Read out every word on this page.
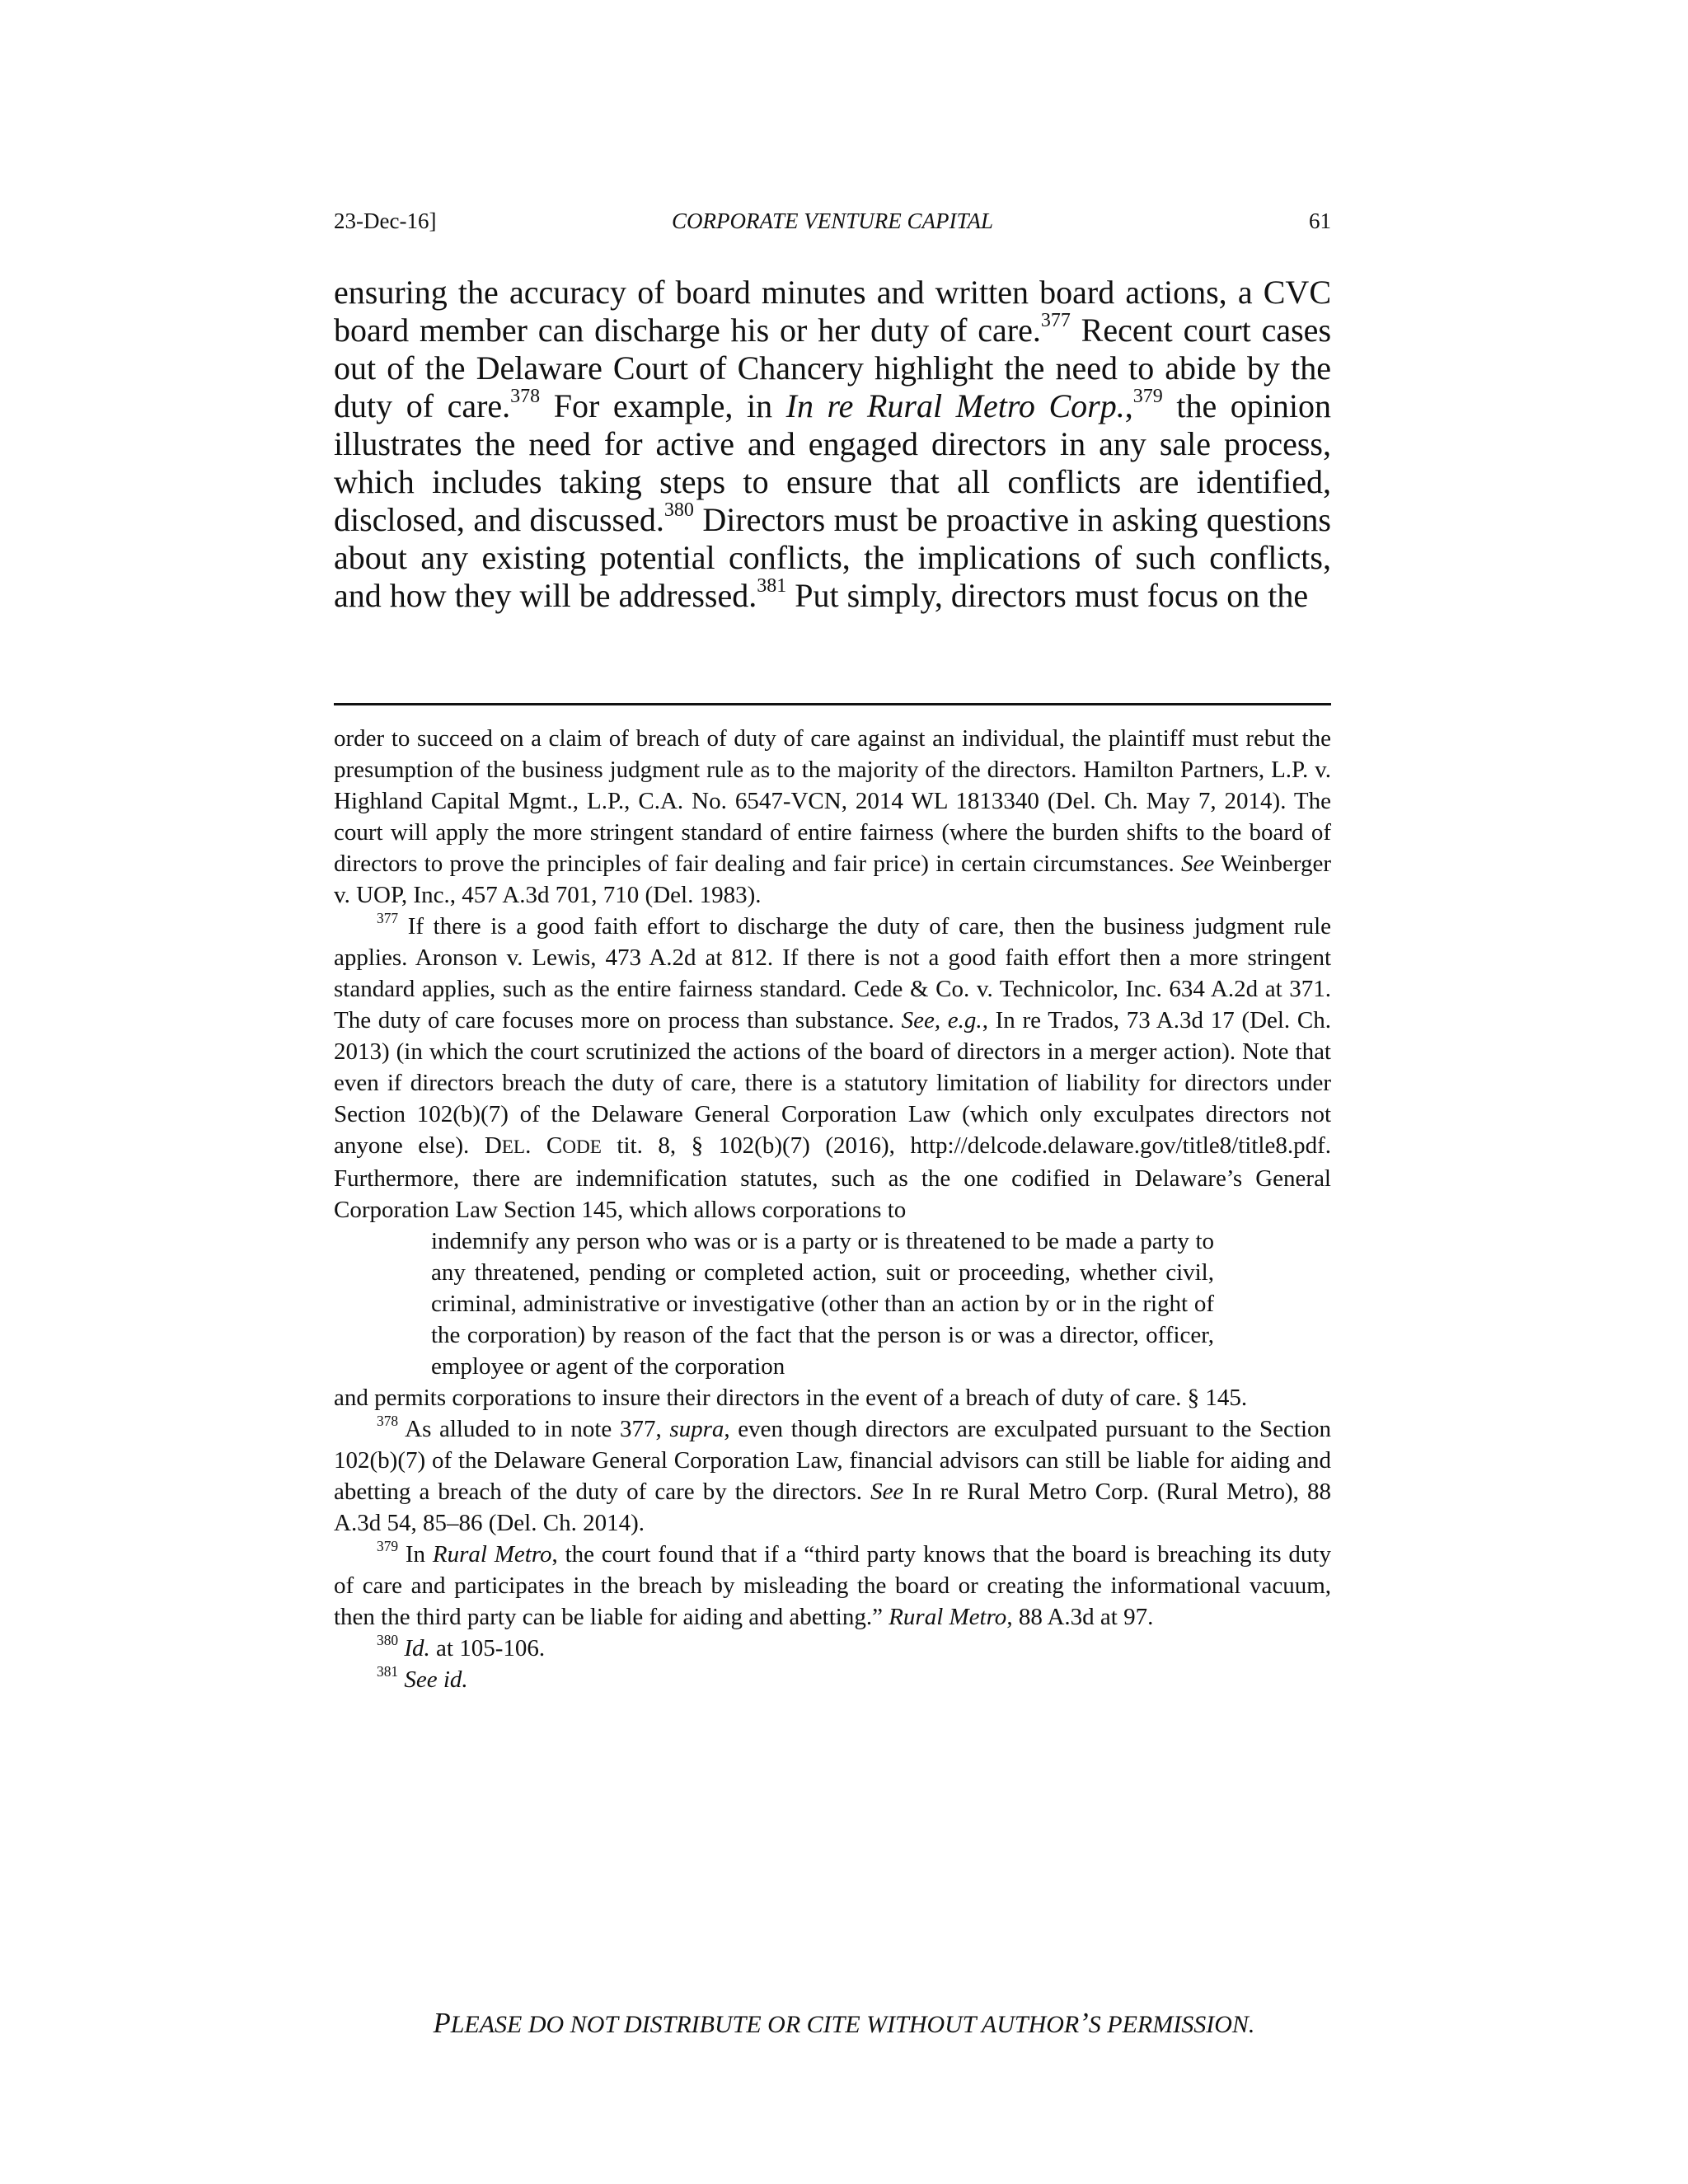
23-Dec-16]	CORPORATE VENTURE CAPITAL	61

ensuring the accuracy of board minutes and written board actions, a CVC board member can discharge his or her duty of care.$^{377}$ Recent court cases out of the Delaware Court of Chancery highlight the need to abide by the duty of care.$^{378}$ For example, in In re Rural Metro Corp.,$^{379}$ the opinion illustrates the need for active and engaged directors in any sale process, which includes taking steps to ensure that all conflicts are identified, disclosed, and discussed.$^{380}$ Directors must be proactive in asking questions about any existing potential conflicts, the implications of such conflicts, and how they will be addressed.$^{381}$ Put simply, directors must focus on the

order to succeed on a claim of breach of duty of care against an individual, the plaintiff must rebut the presumption of the business judgment rule as to the majority of the directors. Hamilton Partners, L.P. v. Highland Capital Mgmt., L.P., C.A. No. 6547-VCN, 2014 WL 1813340 (Del. Ch. May 7, 2014). The court will apply the more stringent standard of entire fairness (where the burden shifts to the board of directors to prove the principles of fair dealing and fair price) in certain circumstances. See Weinberger v. UOP, Inc., 457 A.3d 701, 710 (Del. 1983).

$^{377}$ If there is a good faith effort to discharge the duty of care, then the business judgment rule applies. Aronson v. Lewis, 473 A.2d at 812. If there is not a good faith effort then a more stringent standard applies, such as the entire fairness standard. Cede & Co. v. Technicolor, Inc. 634 A.2d at 371. The duty of care focuses more on process than substance. See, e.g., In re Trados, 73 A.3d 17 (Del. Ch. 2013) (in which the court scrutinized the actions of the board of directors in a merger action). Note that even if directors breach the duty of care, there is a statutory limitation of liability for directors under Section 102(b)(7) of the Delaware General Corporation Law (which only exculpates directors not anyone else). DEL. CODE tit. 8, § 102(b)(7) (2016), http://delcode.delaware.gov/title8/title8.pdf. Furthermore, there are indemnification statutes, such as the one codified in Delaware’s General Corporation Law Section 145, which allows corporations to

indemnify any person who was or is a party or is threatened to be made a party to any threatened, pending or completed action, suit or proceeding, whether civil, criminal, administrative or investigative (other than an action by or in the right of the corporation) by reason of the fact that the person is or was a director, officer, employee or agent of the corporation

and permits corporations to insure their directors in the event of a breach of duty of care. § 145.

$^{378}$ As alluded to in note 377, supra, even though directors are exculpated pursuant to the Section 102(b)(7) of the Delaware General Corporation Law, financial advisors can still be liable for aiding and abetting a breach of the duty of care by the directors. See In re Rural Metro Corp. (Rural Metro), 88 A.3d 54, 85–86 (Del. Ch. 2014).

$^{379}$ In Rural Metro, the court found that if a “third party knows that the board is breaching its duty of care and participates in the breach by misleading the board or creating the informational vacuum, then the third party can be liable for aiding and abetting.” Rural Metro, 88 A.3d at 97.

$^{380}$ Id. at 105-106.

$^{381}$ See id.

PLEASE DO NOT DISTRIBUTE OR CITE WITHOUT AUTHOR’S PERMISSION.
